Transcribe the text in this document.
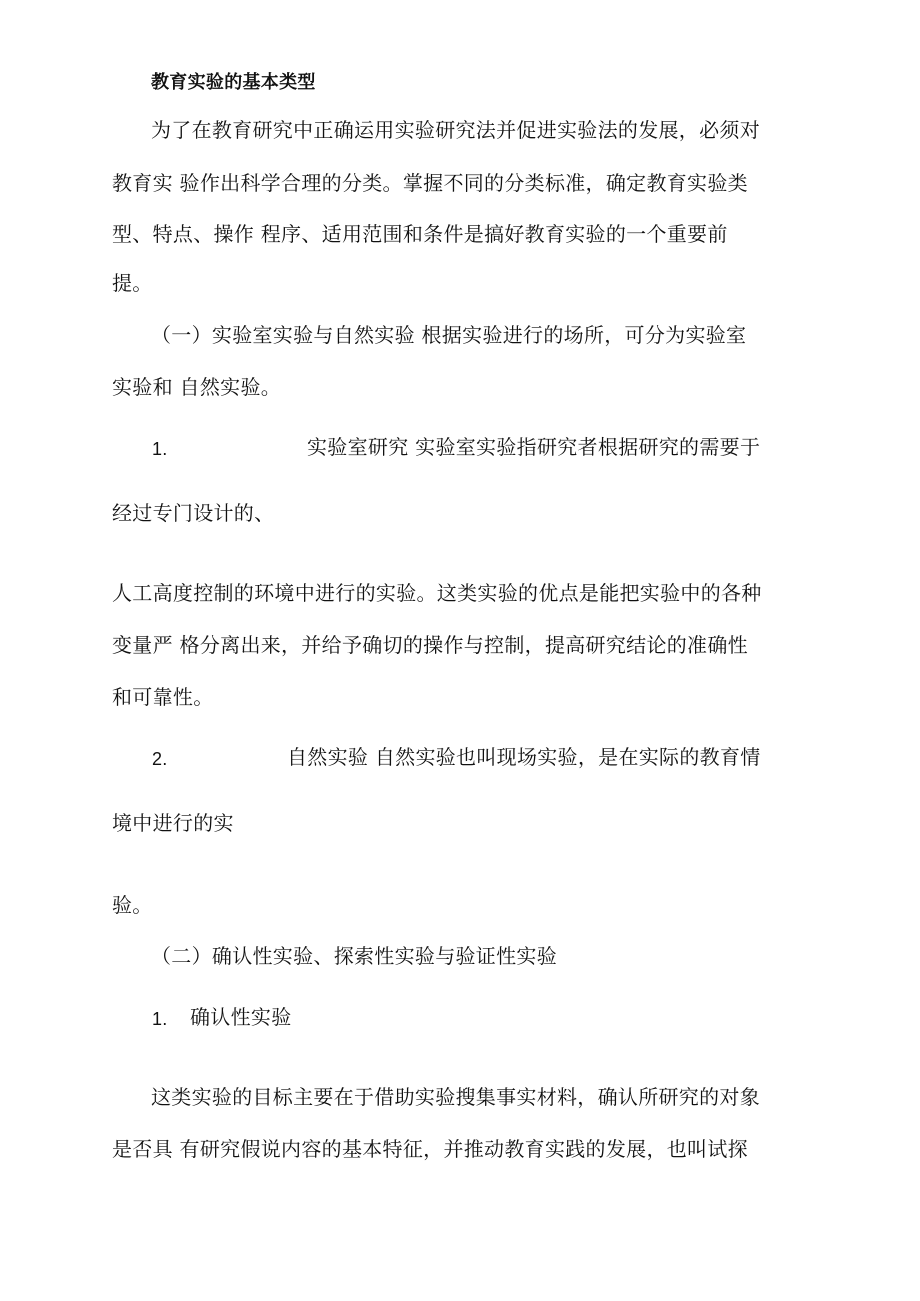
教育实验的基本类型
为了在教育研究中正确运用实验研究法并促进实验法的发展，必须对
教育实 验作出科学合理的分类。掌握不同的分类标准，确定教育实验类
型、特点、操作 程序、适用范围和条件是搞好教育实验的一个重要前
提。
（一）实验室实验与自然实验 根据实验进行的场所，可分为实验室
实验和 自然实验。
1.	实验室研究 实验室实验指研究者根据研究的需要于
经过专门设计的、
人工高度控制的环境中进行的实验。这类实验的优点是能把实验中的各种
变量严 格分离出来，并给予确切的操作与控制，提高研究结论的准确性
和可靠性。
2.	自然实验 自然实验也叫现场实验，是在实际的教育情
境中进行的实
验。
（二）确认性实验、探索性实验与验证性实验
1. 确认性实验
这类实验的目标主要在于借助实验搜集事实材料，确认所研究的对象
是否具 有研究假说内容的基本特征，并推动教育实践的发展，也叫试探
